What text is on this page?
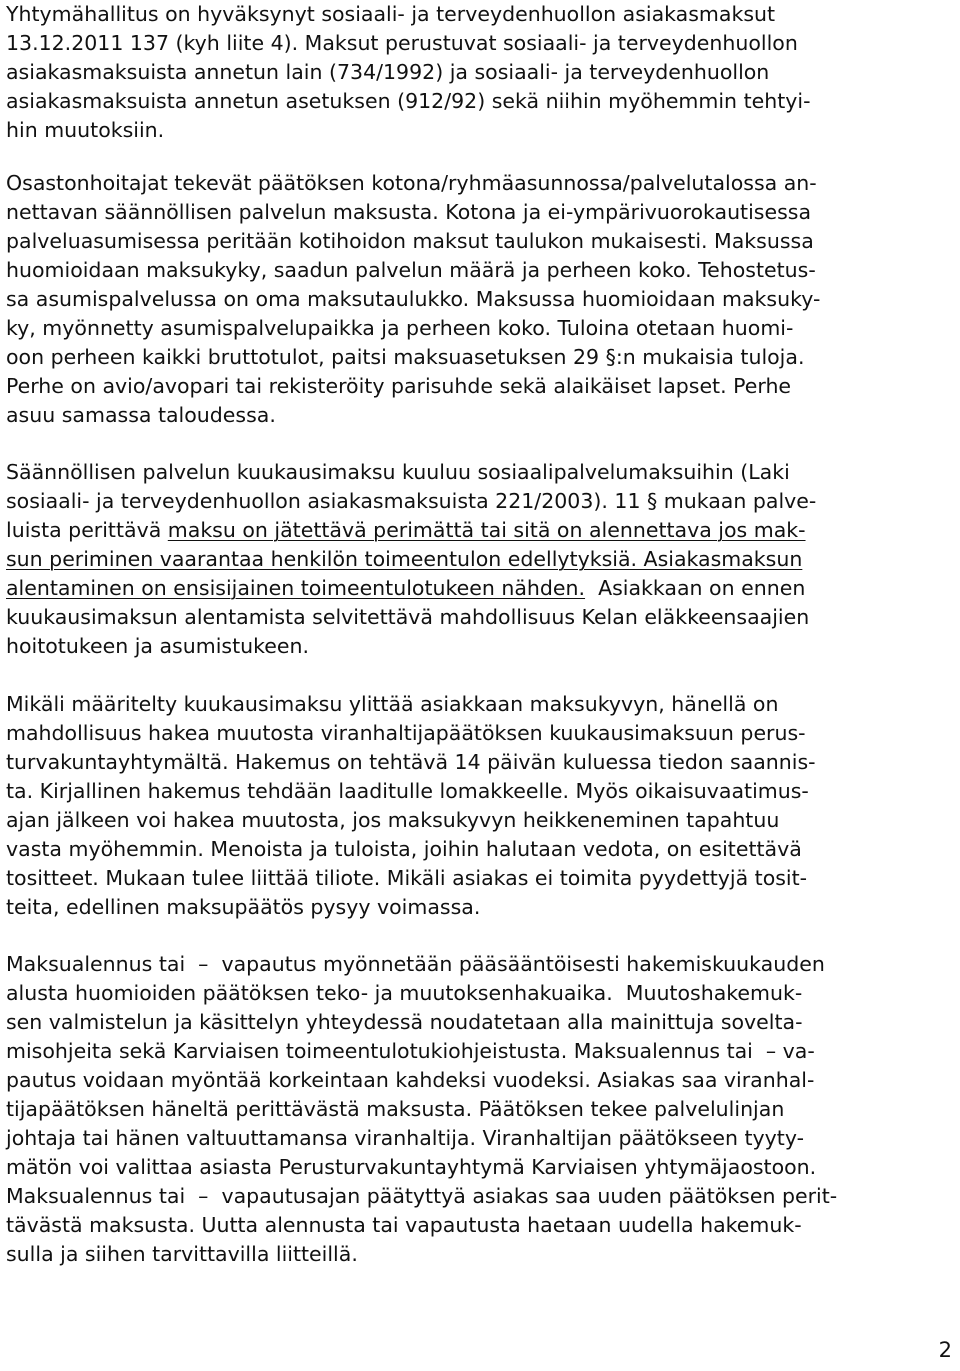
Yhtymähallitus on hyväksynyt sosiaali- ja terveydenhuollon asiakasmaksut
13.12.2011 137 (kyh liite 4). Maksut perustuvat sosiaali- ja terveydenhuollon
asiakasmaksuista annetun lain (734/1992) ja sosiaali- ja terveydenhuollon
asiakasmaksuista annetun asetuksen (912/92) sekä niihin myöhemmin tehtyi-
hin muutoksiin.
Osastonhoitajat tekevät päätöksen kotona/ryhmäasunnossa/palvelutalossa an-
nettavan säännöllisen palvelun maksusta. Kotona ja ei-ympärivuorokautisessa
palveluasumisessa peritään kotihoidon maksut taulukon mukaisesti. Maksussa
huomioidaan maksukyky, saadun palvelun määrä ja perheen koko. Tehostetus-
sa asumispalvelussa on oma maksutaulukko. Maksussa huomioidaan maksuky-
ky, myönnetty asumispalvelupaikka ja perheen koko. Tuloina otetaan huomi-
oon perheen kaikki bruttotulot, paitsi maksuasetuksen 29 §:n mukaisia tuloja.
Perhe on avio/avopari tai rekisteröity parisuhde sekä alaikäiset lapset. Perhe
asuu samassa taloudessa.
Säännöllisen palvelun kuukausimaksu kuuluu sosiaalipalvelumaksuihin (Laki
sosiaali- ja terveydenhuollon asiakasmaksuista 221/2003). 11 § mukaan palve-
luista perittävä maksu on jätettävä perimättä tai sitä on alennettava jos mak-
sun periminen vaarantaa henkilön toimeentulon edellytyksiä. Asiakasmaksun
alentaminen on ensisijainen toimeentulotukeen nähden.  Asiakkaan on ennen
kuukausimaksun alentamista selvitettävä mahdollisuus Kelan eläkkeensaajien
hoitotukeen ja asumistukeen.
Mikäli määritelty kuukausimaksu ylittää asiakkaan maksukyvyn, hänellä on
mahdollisuus hakea muutosta viranhaltijapäätöksen kuukausimaksuun perus-
turvakuntayhtymältä. Hakemus on tehtävä 14 päivän kuluessa tiedon saannis-
ta. Kirjallinen hakemus tehdään laaditulle lomakkeelle. Myös oikaisuvaatimus-
ajan jälkeen voi hakea muutosta, jos maksukyvyn heikkeneminen tapahtuu
vasta myöhemmin. Menoista ja tuloista, joihin halutaan vedota, on esitettävä
tositteet. Mukaan tulee liittää tiliote. Mikäli asiakas ei toimita pyydettyjä tosit-
teita, edellinen maksupäätös pysyy voimassa.
Maksualennus tai  –  vapautus myönnetään pääsääntöisesti hakemiskuukauden
alusta huomioiden päätöksen teko- ja muutoksenhakuaika.  Muutoshakemuk-
sen valmistelun ja käsittelyn yhteydessä noudatetaan alla mainittuja soveltа-
misohjeita sekä Karviaisen toimeentulotukiohjeistusta. Maksualennus tai  – va-
pautus voidaan myöntää korkeintaan kahdeksi vuodeksi. Asiakas saa viranhal-
tijapäätöksen häneltä perittävästä maksusta. Päätöksen tekee palvelulinjan
johtaja tai hänen valtuuttamansa viranhaltija. Viranhaltijan päätökseen tyyty-
mätön voi valittaa asiasta Perusturvakuntayhtymä Karviaisen yhtymäjaostoon.
Maksualennus tai  –  vapautusajan päätyttyä asiakas saa uuden päätöksen perit-
tävästä maksusta. Uutta alennusta tai vapautusta haetaan uudella hakemuk-
sulla ja siihen tarvittavilla liitteillä.
2
